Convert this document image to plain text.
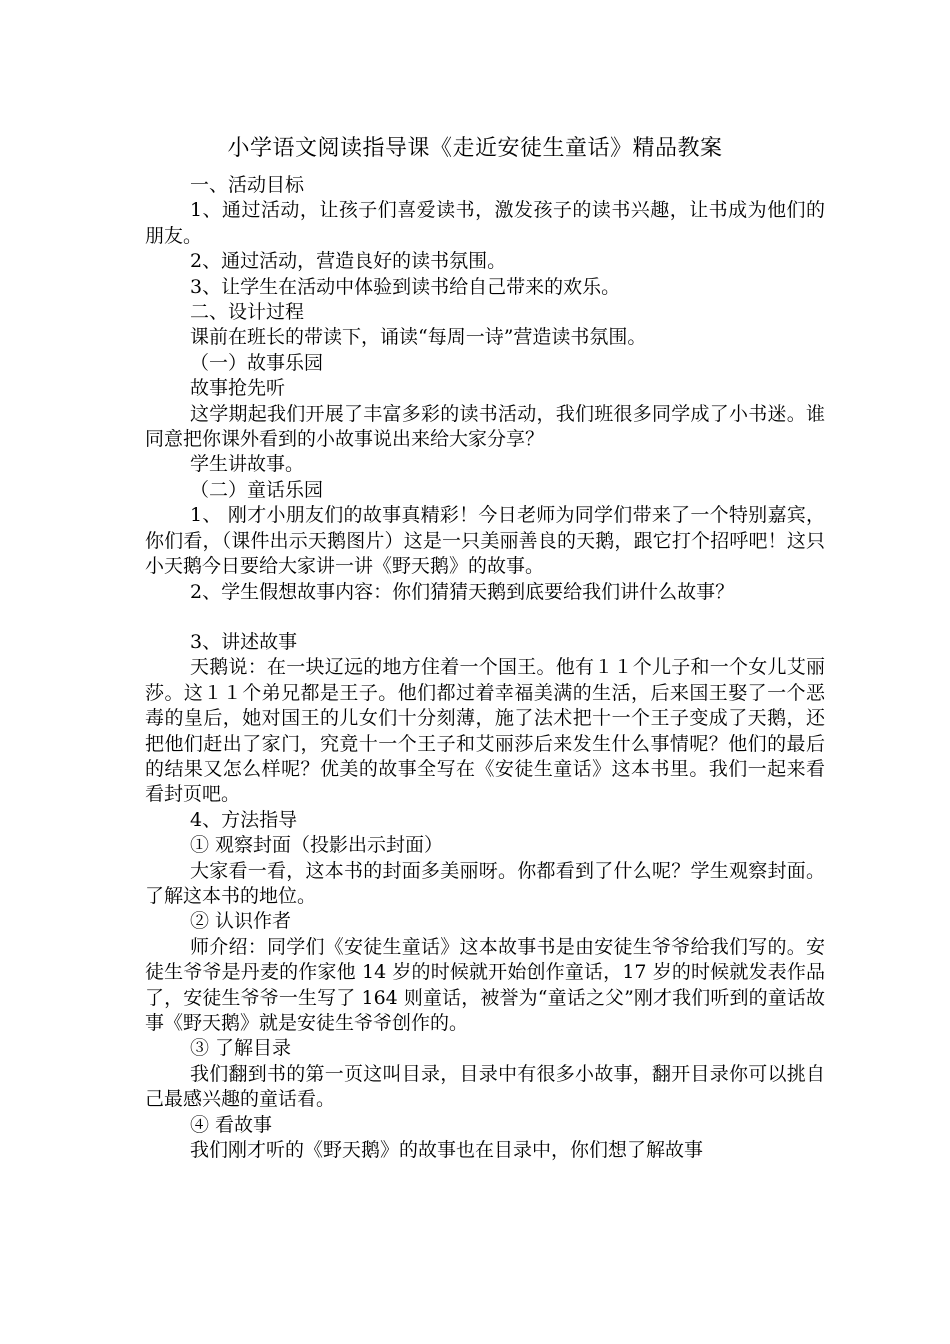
小学语文阅读指导课《走近安徒生童话》精品教案

一、活动目标

1、通过活动，让孩子们喜爱读书，激发孩子的读书兴趣，让书成为他们的朋友。

2、通过活动，营造良好的读书氛围。

3、让学生在活动中体验到读书给自己带来的欢乐。

二、设计过程

课前在班长的带读下，诵读“每周一诗”营造读书氛围。

（一）故事乐园

故事抢先听

这学期起我们开展了丰富多彩的读书活动，我们班很多同学成了小书迷。谁同意把你课外看到的小故事说出来给大家分享？

学生讲故事。

（二）童话乐园

1、 刚才小朋友们的故事真精彩！今日老师为同学们带来了一个特别嘉宾，你们看，（课件出示天鹅图片）这是一只美丽善良的天鹅，跟它打个招呼吧！这只小天鹅今日要给大家讲一讲《野天鹅》的故事。

2、学生假想故事内容：你们猜猜天鹅到底要给我们讲什么故事？

3、讲述故事

天鹅说：在一块辽远的地方住着一个国王。他有１１个儿子和一个女儿艾丽莎。这１１个弟兄都是王子。他们都过着幸福美满的生活，后来国王娶了一个恶毒的皇后，她对国王的儿女们十分刻薄，施了法术把十一个王子变成了天鹅，还把他们赶出了家门，究竟十一个王子和艾丽莎后来发生什么事情呢？他们的最后的结果又怎么样呢？优美的故事全写在《安徒生童话》这本书里。我们一起来看看封页吧。

4、方法指导

① 观察封面（投影出示封面）

大家看一看，这本书的封面多美丽呀。你都看到了什么呢？学生观察封面。了解这本书的地位。

② 认识作者

师介绍：同学们《安徒生童话》这本故事书是由安徒生爷爷给我们写的。安徒生爷爷是丹麦的作家他 14 岁的时候就开始创作童话，17 岁的时候就发表作品了，安徒生爷爷一生写了 164 则童话，被誉为“童话之父”刚才我们听到的童话故事《野天鹅》就是安徒生爷爷创作的。

③ 了解目录

我们翻到书的第一页这叫目录，目录中有很多小故事，翻开目录你可以挑自己最感兴趣的童话看。

④ 看故事

我们刚才听的《野天鹅》的故事也在目录中，你们想了解故事
